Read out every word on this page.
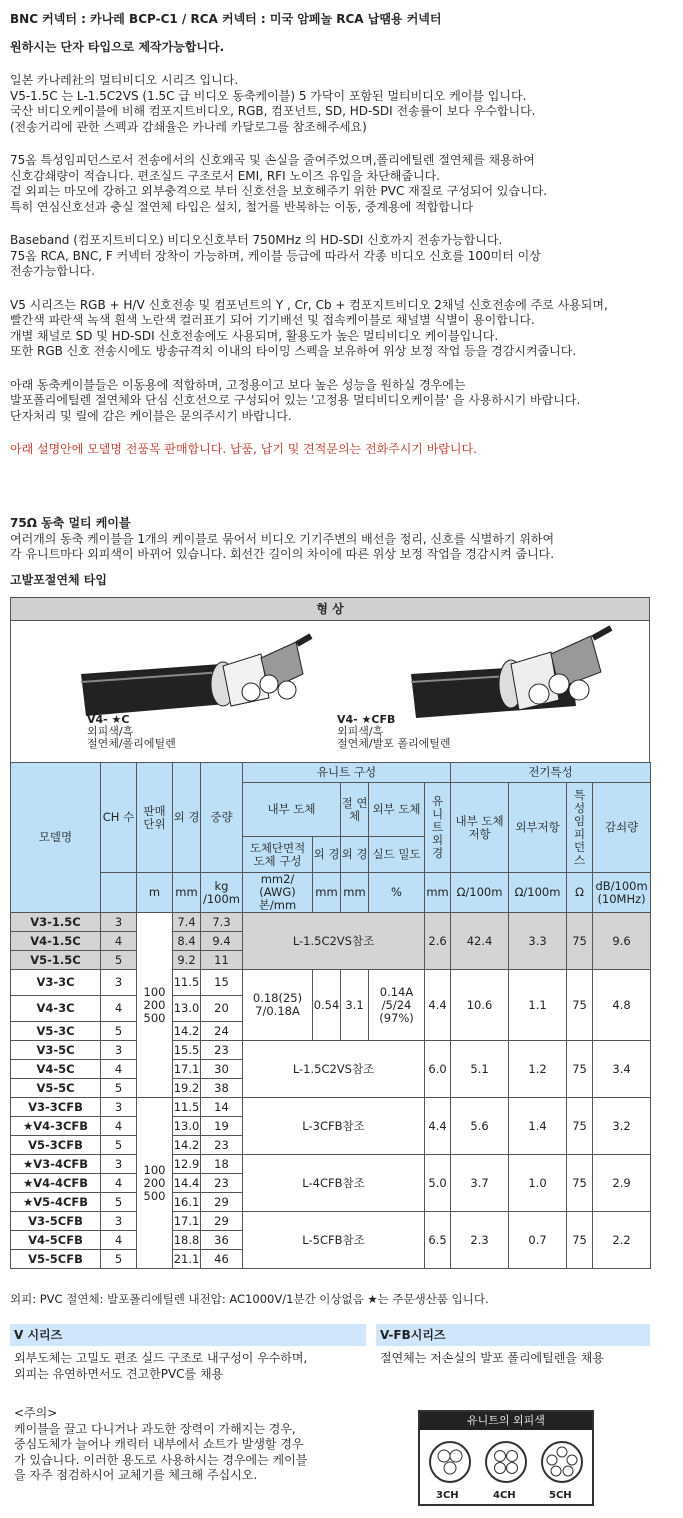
BNC 커넥터 : 카나레 BCP-C1 / RCA 커넥터 : 미국 암페놀 RCA 납땜용 커넥터
원하시는 단자 타입으로 제작가능합니다.
일본 카나레社의 멀티비디오 시리즈 입니다.
V5-1.5C 는 L-1.5C2VS (1.5C 급 비디오 동축케이블) 5 가닥이 포함된 멀티비디오 케이블 입니다.
국산 비디오케이블에 비해 컴포지트비디오, RGB, 컴포넌트, SD, HD-SDI 전송률이 보다 우수합니다.
(전송거리에 관한 스펙과 감쇄율은 카나레 카달로그를 참조해주세요)
75옴 특성임피던스로서 전송에서의 신호왜곡 및 손실을 줄여주었으며,폴리에틸렌 절연체를 채용하여
신호감쇄량이 적습니다. 편조실드 구조로서 EMI, RFI 노이즈 유입을 차단해줍니다.
겉 외피는 마모에 강하고 외부충격으로 부터 신호선을 보호해주기 위한 PVC 재질로 구성되어 있습니다.
특히 연심신호선과 충실 절연체 타입은 설치, 철거를 반복하는 이동, 중계용에 적합합니다
Baseband (컴포지트비디오) 비디오신호부터 750MHz 의 HD-SDI 신호까지 전송가능합니다.
75옴 RCA, BNC, F 커넥터 장착이 가능하며, 케이블 등급에 따라서 각종 비디오 신호를 100미터 이상
전송가능합니다.
V5 시리즈는 RGB + H/V 신호전송 및 컴포넌트의 Y , Cr, Cb + 컴포지트비디오 2채널 신호전송에 주로 사용되며,
빨간색 파란색 녹색 흰색 노란색 컬러표기 되어 기기배선 및 접속케이블로 채널별 식별이 용이합니다.
개별 채널로 SD 및 HD-SDI 신호전송에도 사용되며, 활용도가 높은 멀티비디오 케이블입니다.
또한 RGB 신호 전송시에도 방송규격치 이내의 타이밍 스펙을 보유하여 위상 보정 작업 등을 경감시켜줍니다.
아래 동축케이블들은 이동용에 적합하며, 고정용이고 보다 높은 성능을 원하실 경우에는
발포폴리에틸렌 절연체와 단심 신호선으로 구성되어 있는 '고정용 멀티비디오케이블' 을 사용하시기 바랍니다.
단자처리 및 릴에 감은 케이블은 문의주시기 바랍니다.
아래 설명안에 모델명 전품목 판매합니다. 납품, 납기 및 견적문의는 전화주시기 바랍니다.
75Ω 동축 멀티 케이블
여러개의 동축 케이블을 1개의 케이블로 묶어서 비디오 기기주변의 배선을 정리, 신호를 식별하기 위하여
각 유니트마다 외피색이 바뀌어 있습니다. 회선간 길이의 차이에 따른 위상 보정 작업을 경감시켜 줍니다.
고발포절연체 타입
형 상
V4- ★C
외피색/흑
절연체/폴리에틸렌
V4- ★CFB
외피색/흑
절연체/발포 폴리에틸렌
모델명	CH 수	판매 단위	외 경	중량	유니트 구성					전기특성			
					내부 도체		절 연 체	외부 도체	유 니 트 외 경	내부 도체저항	외부저항	특 성 임 피 던 스	감쇠량
					도체단면적 도체 구성	외 경	외 경	실드 밀도					
		m	mm	kg /100m	mm2/ (AWG) 본/mm	mm	mm	%	mm	Ω/100m	Ω/100m	Ω	dB/100m (10MHz)
V3-1.5C	3	100 200 500	7.4	7.3	L-1.5C2VS참조				2.6	42.4	3.3	75	9.6
V4-1.5C	4		8.4	9.4									
V5-1.5C	5		9.2	11									
V3-3C	3		11.5	15	0.18(25) 7/0.18A	0.54	3.1	0.14A /5/24 (97%)	4.4	10.6	1.1	75	4.8
V4-3C	4		13.0	20									
V5-3C	5		14.2	24									
V3-5C	3		15.5	23	L-1.5C2VS참조				6.0	5.1	1.2	75	3.4
V4-5C	4		17.1	30									
V5-5C	5		19.2	38									
V3-3CFB	3	100 200 500	11.5	14	L-3CFB참조				4.4	5.6	1.4	75	3.2
★V4-3CFB	4		13.0	19									
V5-3CFB	5		14.2	23									
★V3-4CFB	3		12.9	18	L-4CFB참조				5.0	3.7	1.0	75	2.9
★V4-4CFB	4		14.4	23									
★V5-4CFB	5		16.1	29									
V3-5CFB	3		17.1	29	L-5CFB참조				6.5	2.3	0.7	75	2.2
V4-5CFB	4		18.8	36									
V5-5CFB	5		21.1	46									
외피: PVC 절연체: 발포폴리에틸렌 내전압: AC1000V/1분간 이상없음 ★는 주문생산품 입니다.
V 시리즈	V-FB시리즈
외부도체는 고밀도 편조 실드 구조로 내구성이 우수하며,
외피는 유연하면서도 견고한PVC를 채용
절연체는 저손실의 발포 폴리에틸렌을 채용
<주의>
케이블을 끌고 다니거나 과도한 장력이 가해지는 경우,
중심도체가 늘어나 캐릭터 내부에서 쇼트가 발생할 경우
가 있습니다. 이러한 용도로 사용하시는 경우에는 케이블
을 자주 점검하시어 교체기를 체크해 주십시오.
유니트의 외피색
3CH	4CH	5CH
